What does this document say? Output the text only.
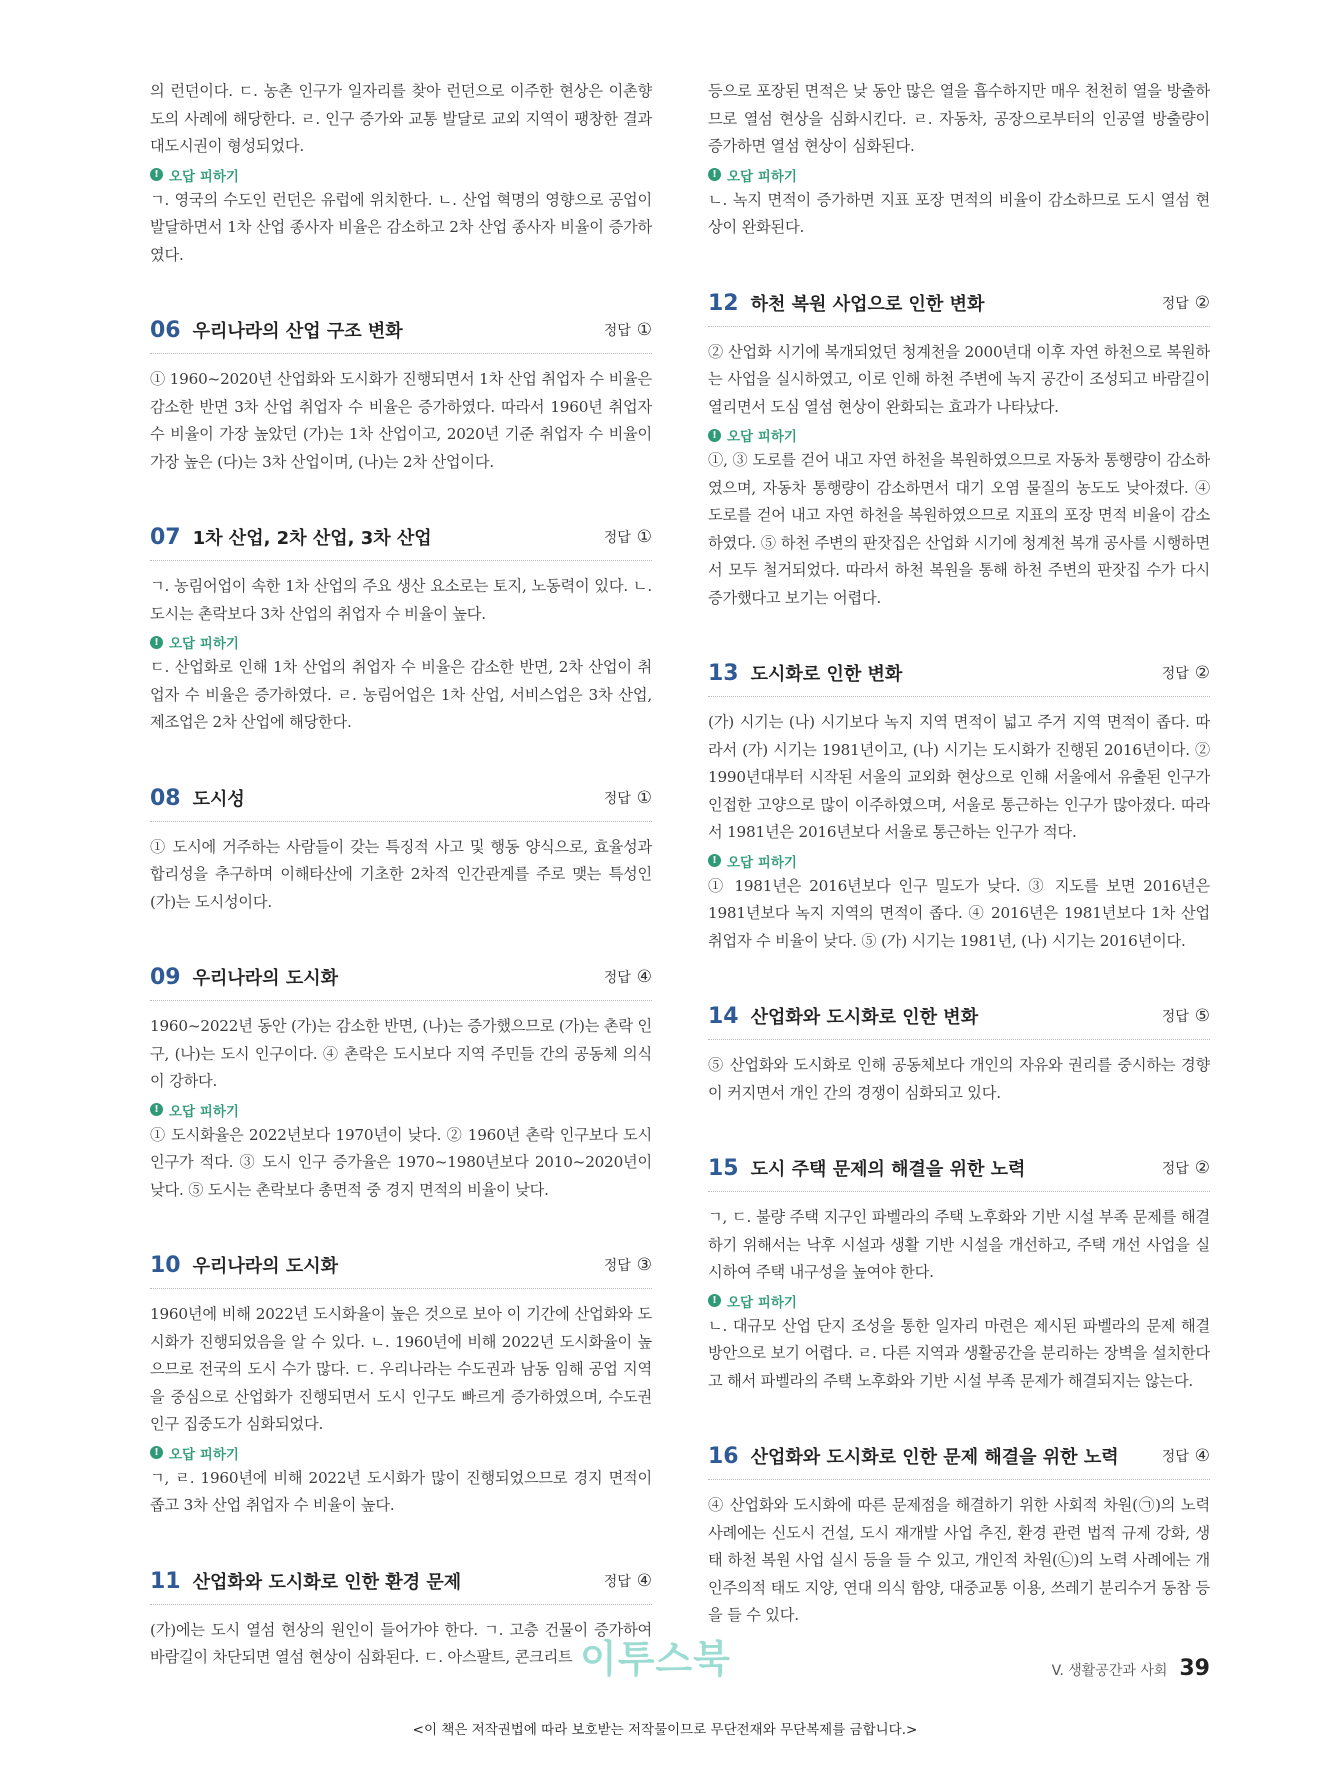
의 런던이다. ㄷ. 농촌 인구가 일자리를 찾아 런던으로 이주한 현상은 이촌향도의 사례에 해당한다. ㄹ. 인구 증가와 교통 발달로 교외 지역이 팽창한 결과 대도시권이 형성되었다.

! 오답 피하기

ㄱ. 영국의 수도인 런던은 유럽에 위치한다. ㄴ. 산업 혁명의 영향으로 공업이 발달하면서 1차 산업 종사자 비율은 감소하고 2차 산업 종사자 비율이 증가하였다.

06 우리나라의 산업 구조 변화	정답 ①

① 1960~2020년 산업화와 도시화가 진행되면서 1차 산업 취업자 수 비율은 감소한 반면 3차 산업 취업자 수 비율은 증가하였다. 따라서 1960년 취업자 수 비율이 가장 높았던 (가)는 1차 산업이고, 2020년 기준 취업자 수 비율이 가장 높은 (다)는 3차 산업이며, (나)는 2차 산업이다.

07 1차 산업, 2차 산업, 3차 산업	정답 ①

ㄱ. 농림어업이 속한 1차 산업의 주요 생산 요소로는 토지, 노동력이 있다. ㄴ. 도시는 촌락보다 3차 산업의 취업자 수 비율이 높다.

! 오답 피하기

ㄷ. 산업화로 인해 1차 산업의 취업자 수 비율은 감소한 반면, 2차 산업이 취업자 수 비율은 증가하였다. ㄹ. 농림어업은 1차 산업, 서비스업은 3차 산업, 제조업은 2차 산업에 해당한다.

08 도시성	정답 ①

① 도시에 거주하는 사람들이 갖는 특징적 사고 및 행동 양식으로, 효율성과 합리성을 추구하며 이해타산에 기초한 2차적 인간관계를 주로 맺는 특성인 (가)는 도시성이다.

09 우리나라의 도시화	정답 ④

1960~2022년 동안 (가)는 감소한 반면, (나)는 증가했으므로 (가)는 촌락 인구, (나)는 도시 인구이다. ④ 촌락은 도시보다 지역 주민들 간의 공동체 의식이 강하다.

! 오답 피하기

① 도시화율은 2022년보다 1970년이 낮다. ② 1960년 촌락 인구보다 도시 인구가 적다. ③ 도시 인구 증가율은 1970~1980년보다 2010~2020년이 낮다. ⑤ 도시는 촌락보다 총면적 중 경지 면적의 비율이 낮다.

10 우리나라의 도시화	정답 ③

1960년에 비해 2022년 도시화율이 높은 것으로 보아 이 기간에 산업화와 도시화가 진행되었음을 알 수 있다. ㄴ. 1960년에 비해 2022년 도시화율이 높으므로 전국의 도시 수가 많다. ㄷ. 우리나라는 수도권과 남동 임해 공업 지역을 중심으로 산업화가 진행되면서 도시 인구도 빠르게 증가하였으며, 수도권 인구 집중도가 심화되었다.

! 오답 피하기

ㄱ, ㄹ. 1960년에 비해 2022년 도시화가 많이 진행되었으므로 경지 면적이 좁고 3차 산업 취업자 수 비율이 높다.

11 산업화와 도시화로 인한 환경 문제	정답 ④

(가)에는 도시 열섬 현상의 원인이 들어가야 한다. ㄱ. 고층 건물이 증가하여 바람길이 차단되면 열섬 현상이 심화된다. ㄷ. 아스팔트, 콘크리트

등으로 포장된 면적은 낮 동안 많은 열을 흡수하지만 매우 천천히 열을 방출하므로 열섬 현상을 심화시킨다. ㄹ. 자동차, 공장으로부터의 인공열 방출량이 증가하면 열섬 현상이 심화된다.

! 오답 피하기

ㄴ. 녹지 면적이 증가하면 지표 포장 면적의 비율이 감소하므로 도시 열섬 현상이 완화된다.

12 하천 복원 사업으로 인한 변화	정답 ②

② 산업화 시기에 복개되었던 청계천을 2000년대 이후 자연 하천으로 복원하는 사업을 실시하였고, 이로 인해 하천 주변에 녹지 공간이 조성되고 바람길이 열리면서 도심 열섬 현상이 완화되는 효과가 나타났다.

! 오답 피하기

①, ③ 도로를 걷어 내고 자연 하천을 복원하였으므로 자동차 통행량이 감소하였으며, 자동차 통행량이 감소하면서 대기 오염 물질의 농도도 낮아졌다. ④ 도로를 걷어 내고 자연 하천을 복원하였으므로 지표의 포장 면적 비율이 감소하였다. ⑤ 하천 주변의 판잣집은 산업화 시기에 청계천 복개 공사를 시행하면서 모두 철거되었다. 따라서 하천 복원을 통해 하천 주변의 판잣집 수가 다시 증가했다고 보기는 어렵다.

13 도시화로 인한 변화	정답 ②

(가) 시기는 (나) 시기보다 녹지 지역 면적이 넓고 주거 지역 면적이 좁다. 따라서 (가) 시기는 1981년이고, (나) 시기는 도시화가 진행된 2016년이다. ② 1990년대부터 시작된 서울의 교외화 현상으로 인해 서울에서 유출된 인구가 인접한 고양으로 많이 이주하였으며, 서울로 통근하는 인구가 많아졌다. 따라서 1981년은 2016년보다 서울로 통근하는 인구가 적다.

! 오답 피하기

① 1981년은 2016년보다 인구 밀도가 낮다. ③ 지도를 보면 2016년은 1981년보다 녹지 지역의 면적이 좁다. ④ 2016년은 1981년보다 1차 산업 취업자 수 비율이 낮다. ⑤ (가) 시기는 1981년, (나) 시기는 2016년이다.

14 산업화와 도시화로 인한 변화	정답 ⑤

⑤ 산업화와 도시화로 인해 공동체보다 개인의 자유와 권리를 중시하는 경향이 커지면서 개인 간의 경쟁이 심화되고 있다.

15 도시 주택 문제의 해결을 위한 노력	정답 ②

ㄱ, ㄷ. 불량 주택 지구인 파벨라의 주택 노후화와 기반 시설 부족 문제를 해결하기 위해서는 낙후 시설과 생활 기반 시설을 개선하고, 주택 개선 사업을 실시하여 주택 내구성을 높여야 한다.

! 오답 피하기

ㄴ. 대규모 산업 단지 조성을 통한 일자리 마련은 제시된 파벨라의 문제 해결 방안으로 보기 어렵다. ㄹ. 다른 지역과 생활공간을 분리하는 장벽을 설치한다고 해서 파벨라의 주택 노후화와 기반 시설 부족 문제가 해결되지는 않는다.

16 산업화와 도시화로 인한 문제 해결을 위한 노력	정답 ④

④ 산업화와 도시화에 따른 문제점을 해결하기 위한 사회적 차원(㉠)의 노력 사례에는 신도시 건설, 도시 재개발 사업 추진, 환경 관련 법적 규제 강화, 생태 하천 복원 사업 실시 등을 들 수 있고, 개인적 차원(㉡)의 노력 사례에는 개인주의적 태도 지양, 연대 의식 함양, 대중교통 이용, 쓰레기 분리수거 동참 등을 들 수 있다.

이투스북	V. 생활공간과 사회 39
<이 책은 저작권법에 따라 보호받는 저작물이므로 무단전재와 무단복제를 금합니다.>
